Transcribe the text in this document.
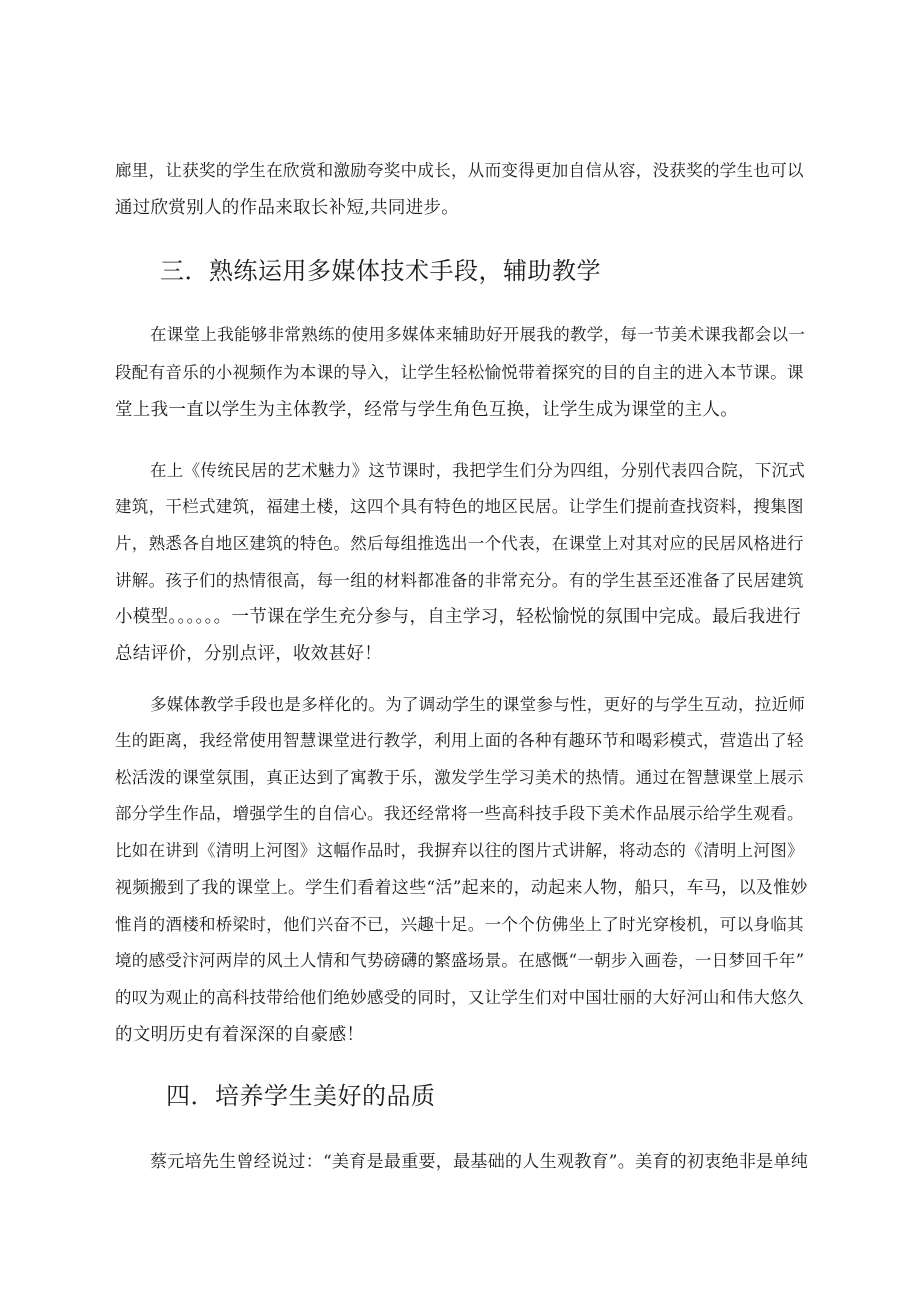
廊里，让获奖的学生在欣赏和激励夸奖中成长，从而变得更加自信从容，没获奖的学生也可以
通过欣赏别人的作品来取长补短,共同进步。
三．熟练运用多媒体技术手段，辅助教学
在课堂上我能够非常熟练的使用多媒体来辅助好开展我的教学，每一节美术课我都会以一
段配有音乐的小视频作为本课的导入，让学生轻松愉悦带着探究的目的自主的进入本节课。课
堂上我一直以学生为主体教学，经常与学生角色互换，让学生成为课堂的主人。
在上《传统民居的艺术魅力》这节课时，我把学生们分为四组，分别代表四合院，下沉式
建筑，干栏式建筑，福建土楼，这四个具有特色的地区民居。让学生们提前查找资料，搜集图
片，熟悉各自地区建筑的特色。然后每组推选出一个代表，在课堂上对其对应的民居风格进行
讲解。孩子们的热情很高，每一组的材料都准备的非常充分。有的学生甚至还准备了民居建筑
小模型。。。。。。一节课在学生充分参与，自主学习，轻松愉悦的氛围中完成。最后我进行
总结评价，分别点评，收效甚好！
多媒体教学手段也是多样化的。为了调动学生的课堂参与性，更好的与学生互动，拉近师
生的距离，我经常使用智慧课堂进行教学，利用上面的各种有趣环节和喝彩模式，营造出了轻
松活泼的课堂氛围，真正达到了寓教于乐，激发学生学习美术的热情。通过在智慧课堂上展示
部分学生作品，增强学生的自信心。我还经常将一些高科技手段下美术作品展示给学生观看。
比如在讲到《清明上河图》这幅作品时，我摒弃以往的图片式讲解，将动态的《清明上河图》
视频搬到了我的课堂上。学生们看着这些“活”起来的，动起来人物，船只，车马，以及惟妙
惟肖的酒楼和桥梁时，他们兴奋不已，兴趣十足。一个个仿佛坐上了时光穿梭机，可以身临其
境的感受汴河两岸的风土人情和气势磅礴的繁盛场景。在感慨“一朝步入画卷，一日梦回千年”
的叹为观止的高科技带给他们绝妙感受的同时，又让学生们对中国壮丽的大好河山和伟大悠久
的文明历史有着深深的自豪感！
四．培养学生美好的品质
蔡元培先生曾经说过：“美育是最重要，最基础的人生观教育”。美育的初衷绝非是单纯
